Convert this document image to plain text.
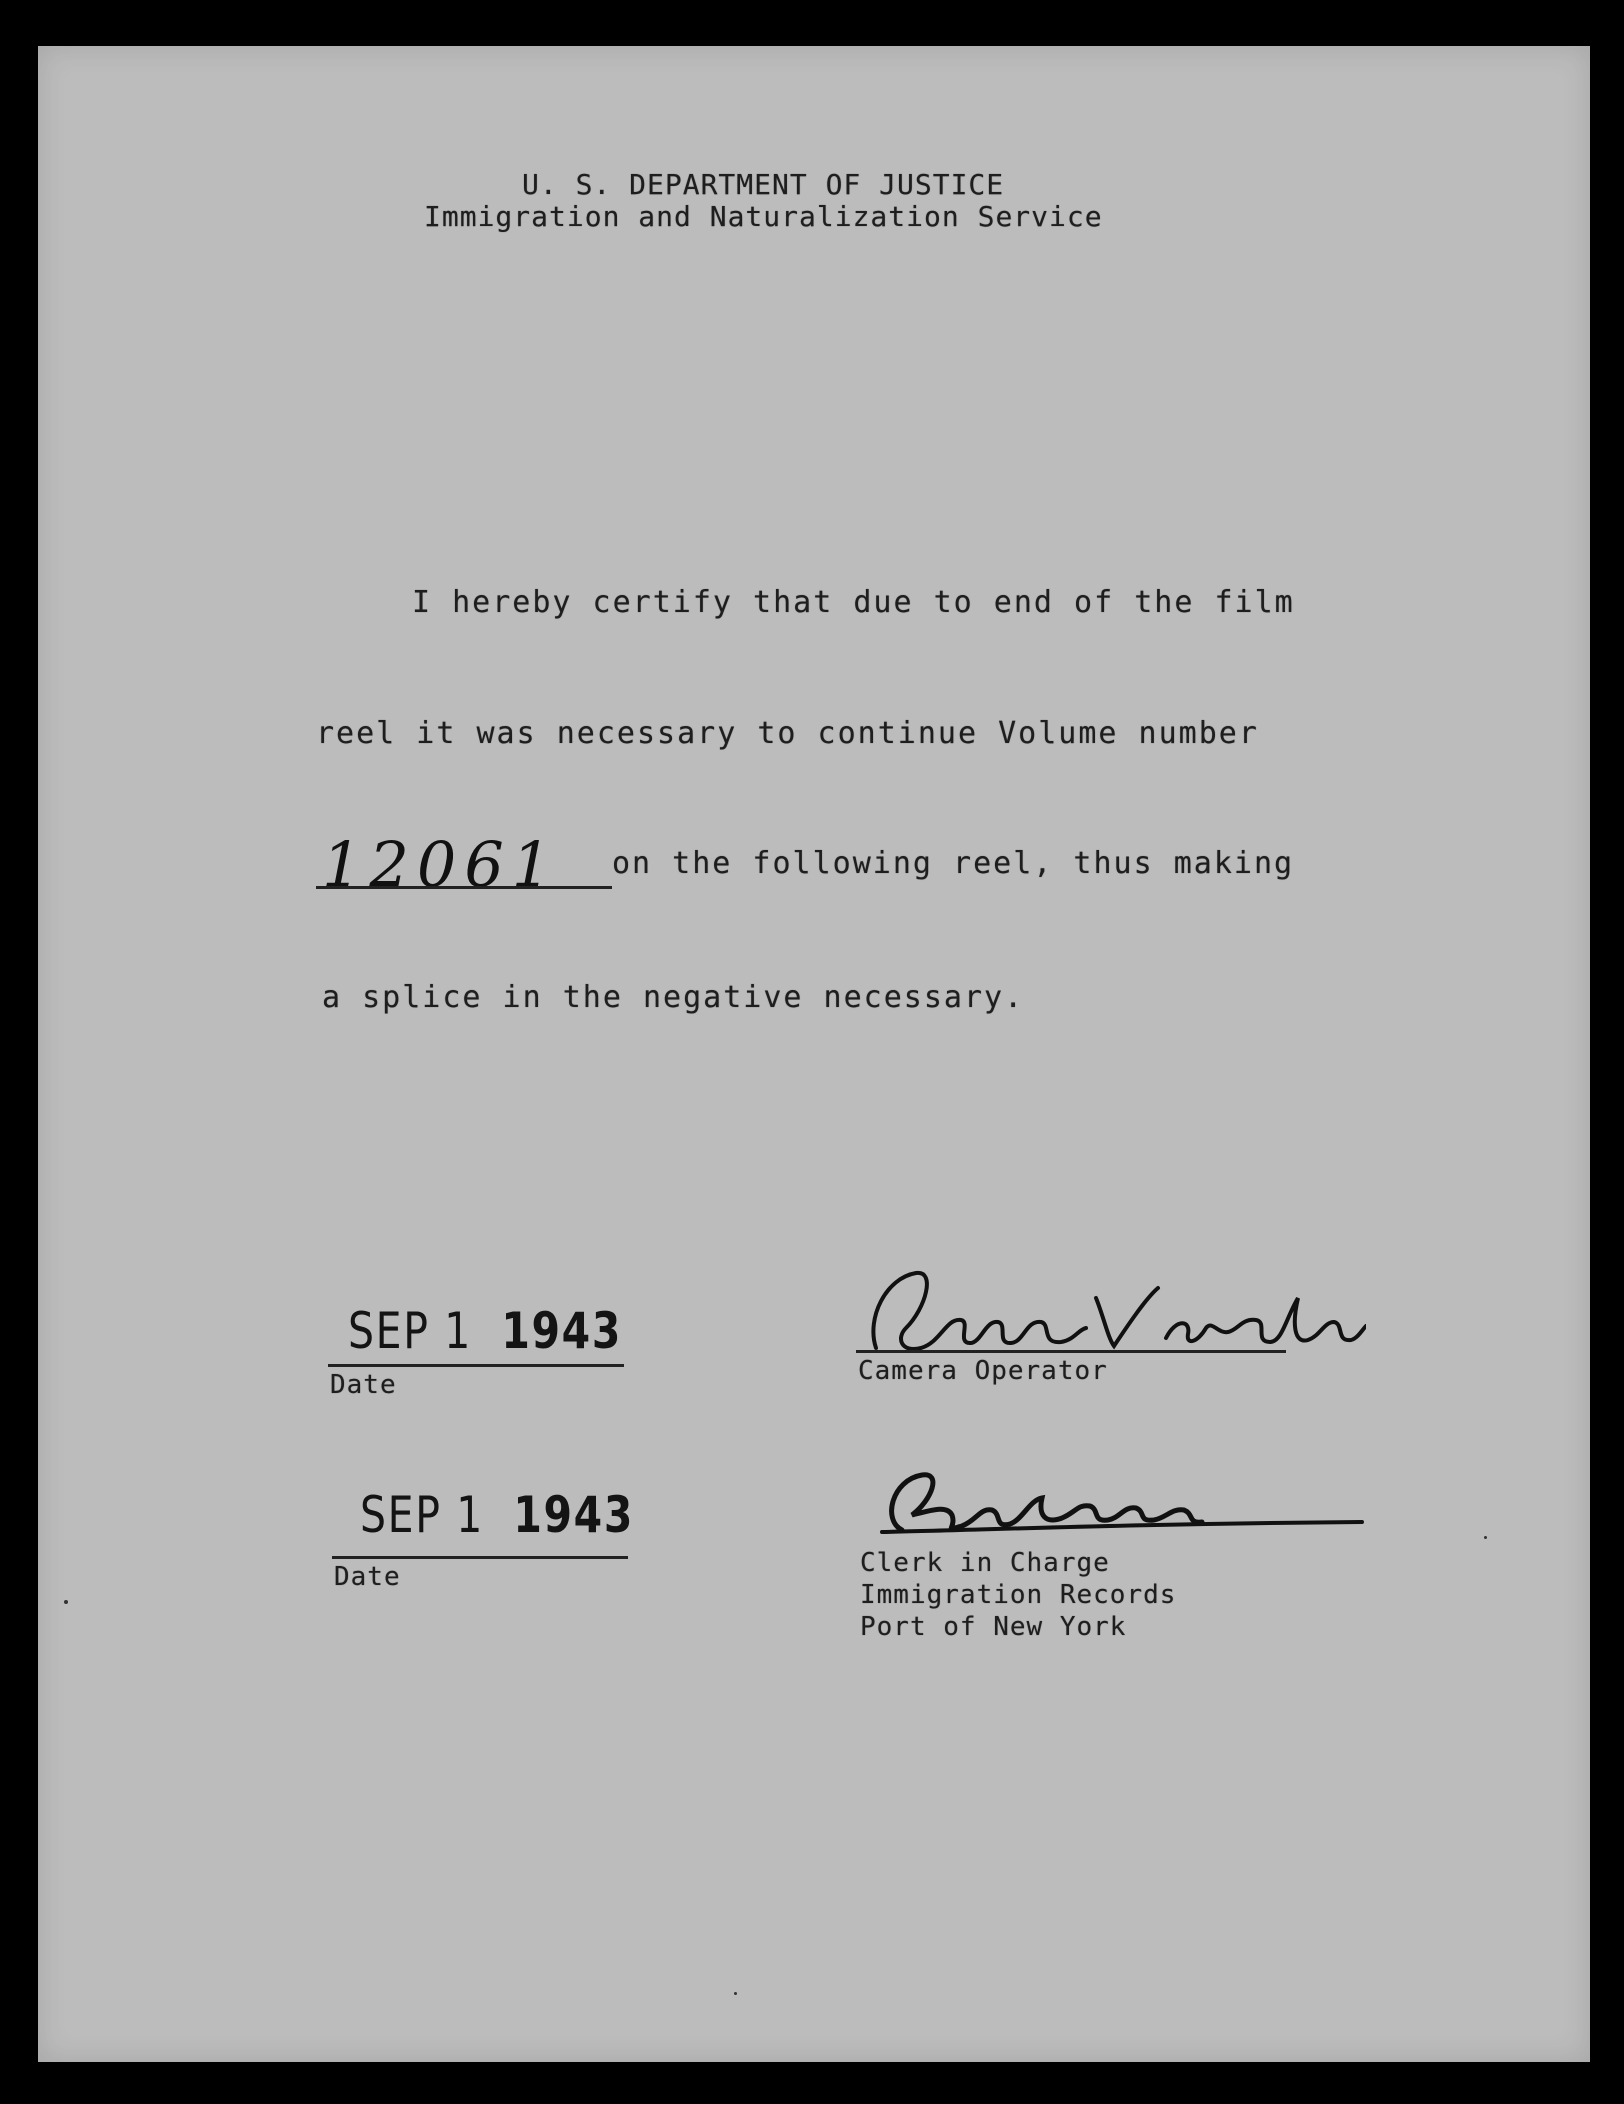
U. S. DEPARTMENT OF JUSTICE
Immigration and Naturalization Service
I hereby certify that due to end of the film
reel it was necessary to continue Volume number
12061 on the following reel, thus making
a splice in the negative necessary.
SEP 1 1943
Date	Camera Operator
SEP 1 1943
Date	Clerk in Charge
Immigration Records
Port of New York
